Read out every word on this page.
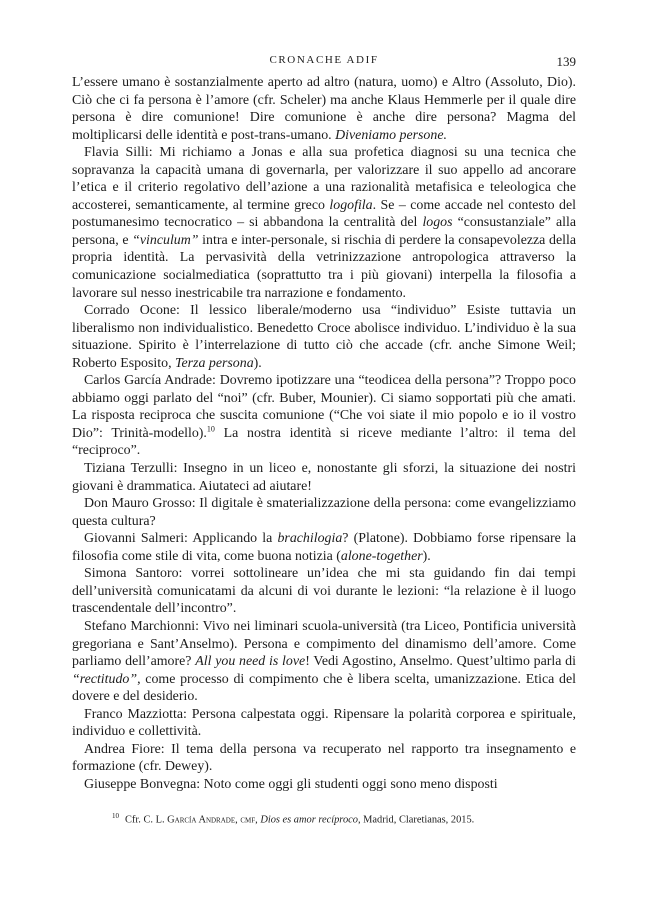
CRONACHE ADIF	139

L’essere umano è sostanzialmente aperto ad altro (natura, uomo) e Altro (Assoluto, Dio). Ciò che ci fa persona è l’amore (cfr. Scheler) ma anche Klaus Hemmerle per il quale dire persona è dire comunione! Dire comunione è anche dire persona? Magma del moltiplicarsi delle identità e post-trans-umano. Diveniamo persone.

Flavia Silli: Mi richiamo a Jonas e alla sua profetica diagnosi su una tecnica che sopravanza la capacità umana di governarla, per valorizzare il suo appello ad ancorare l’etica e il criterio regolativo dell’azione a una razionalità metafisica e teleologica che accosterei, semanticamente, al termine greco logofila. Se – come accade nel contesto del postumanesimo tecnocratico – si abbandona la centralità del logos “consustanziale” alla persona, e “vinculum” intra e inter-personale, si rischia di perdere la consapevolezza della propria identità. La pervasività della vetrinizzazione antropologica attraverso la comunicazione socialmediatica (soprattutto tra i più giovani) interpella la filosofia a lavorare sul nesso inestricabile tra narrazione e fondamento.

Corrado Ocone: Il lessico liberale/moderno usa “individuo” Esiste tuttavia un liberalismo non individualistico. Benedetto Croce abolisce individuo. L’individuo è la sua situazione. Spirito è l’interrelazione di tutto ciò che accade (cfr. anche Simone Weil; Roberto Esposito, Terza persona).

Carlos García Andrade: Dovremo ipotizzare una “teodicea della persona”? Troppo poco abbiamo oggi parlato del “noi” (cfr. Buber, Mounier). Ci siamo sopportati più che amati. La risposta reciproca che suscita comunione (“Che voi siate il mio popolo e io il vostro Dio”: Trinità-modello).$^{10}$ La nostra identità si riceve mediante l’altro: il tema del “reciproco”.

Tiziana Terzulli: Insegno in un liceo e, nonostante gli sforzi, la situazione dei nostri giovani è drammatica. Aiutateci ad aiutare!

Don Mauro Grosso: Il digitale è smaterializzazione della persona: come evangelizziamo questa cultura?

Giovanni Salmeri: Applicando la brachilogia? (Platone). Dobbiamo forse ripensare la filosofia come stile di vita, come buona notizia (alone-together).

Simona Santoro: vorrei sottolineare un’idea che mi sta guidando fin dai tempi dell’università comunicatami da alcuni di voi durante le lezioni: “la relazione è il luogo trascendentale dell’incontro”.

Stefano Marchionni: Vivo nei liminari scuola-università (tra Liceo, Pontificia università gregoriana e Sant’Anselmo). Persona e compimento del dinamismo dell’amore. Come parliamo dell’amore? All you need is love! Vedi Agostino, Anselmo. Quest’ultimo parla di “rectitudo”, come processo di compimento che è libera scelta, umanizzazione. Etica del dovere e del desiderio.

Franco Mazziotta: Persona calpestata oggi. Ripensare la polarità corporea e spirituale, individuo e collettività.

Andrea Fiore: Il tema della persona va recuperato nel rapporto tra insegnamento e formazione (cfr. Dewey).

Giuseppe Bonvegna: Noto come oggi gli studenti oggi sono meno disposti

$^{10}$ Cfr. C. L. García Andrade, cmf, Dios es amor recíproco, Madrid, Claretianas, 2015.
